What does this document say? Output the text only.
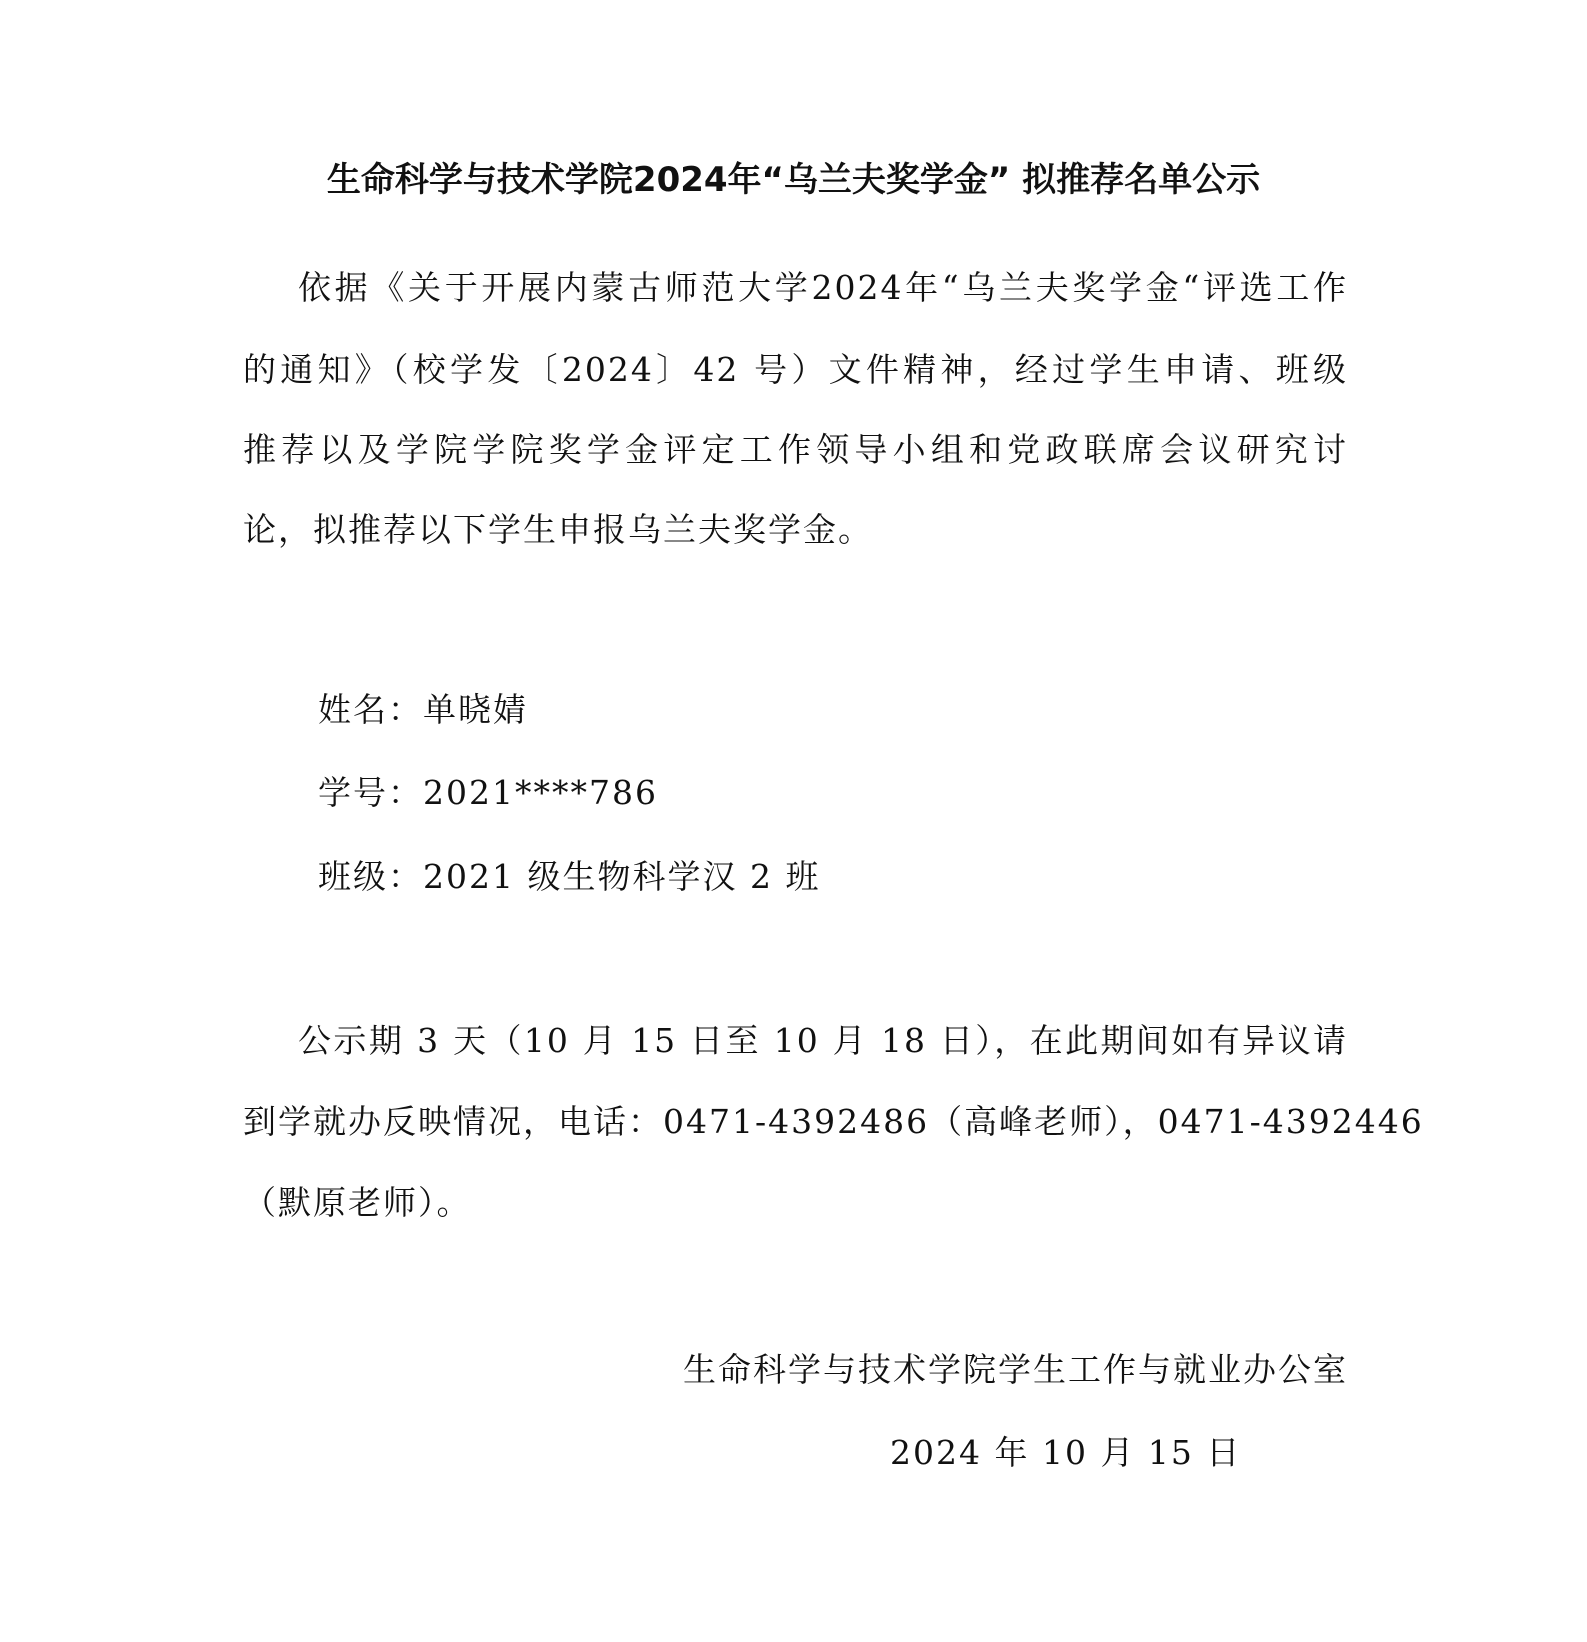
生命科学与技术学院2024年“乌兰夫奖学金” 拟推荐名单公示
依据《关于开展内蒙古师范大学2024年“乌兰夫奖学金“评选工作
的通知》（校学发〔2024〕42 号）文件精神，经过学生申请、班级
推荐以及学院学院奖学金评定工作领导小组和党政联席会议研究讨
论，拟推荐以下学生申报乌兰夫奖学金。
姓名：单晓婧
学号：2021****786
班级：2021 级生物科学汉 2 班
公示期 3 天（10 月 15 日至 10 月 18 日），在此期间如有异议请
到学就办反映情况，电话：0471-4392486（高峰老师），0471-4392446
（默原老师）。
生命科学与技术学院学生工作与就业办公室
2024 年 10 月 15 日
